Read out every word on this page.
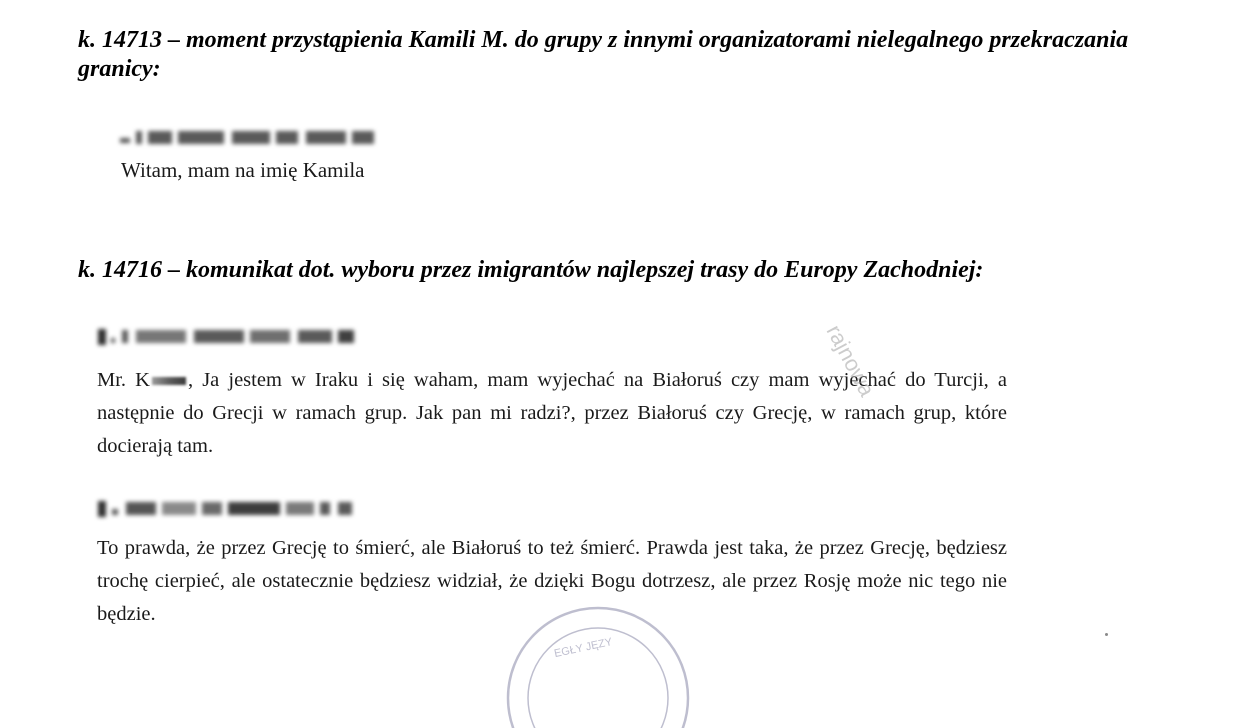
k. 14713 – moment przystąpienia Kamili M. do grupy z innymi organizatorami nielegalnego przekraczania granicy:
Witam, mam na imię Kamila
k. 14716 – komunikat dot. wyboru przez imigrantów najlepszej trasy do Europy Zachodniej:
Mr. K , Ja jestem w Iraku i się waham, mam wyjechać na Białoruś czy mam wyjechać do Turcji, a następnie do Grecji w ramach grup. Jak pan mi radzi?, przez Białoruś czy Grecję, w ramach grup, które docierają tam.
To prawda, że przez Grecję to śmierć, ale Białoruś to też śmierć. Prawda jest taka, że przez Grecję, będziesz trochę cierpieć, ale ostatecznie będziesz widział, że dzięki Bogu dotrzesz, ale przez Rosję może nic tego nie będzie.
rajnowa
EGŁY JĘZY
